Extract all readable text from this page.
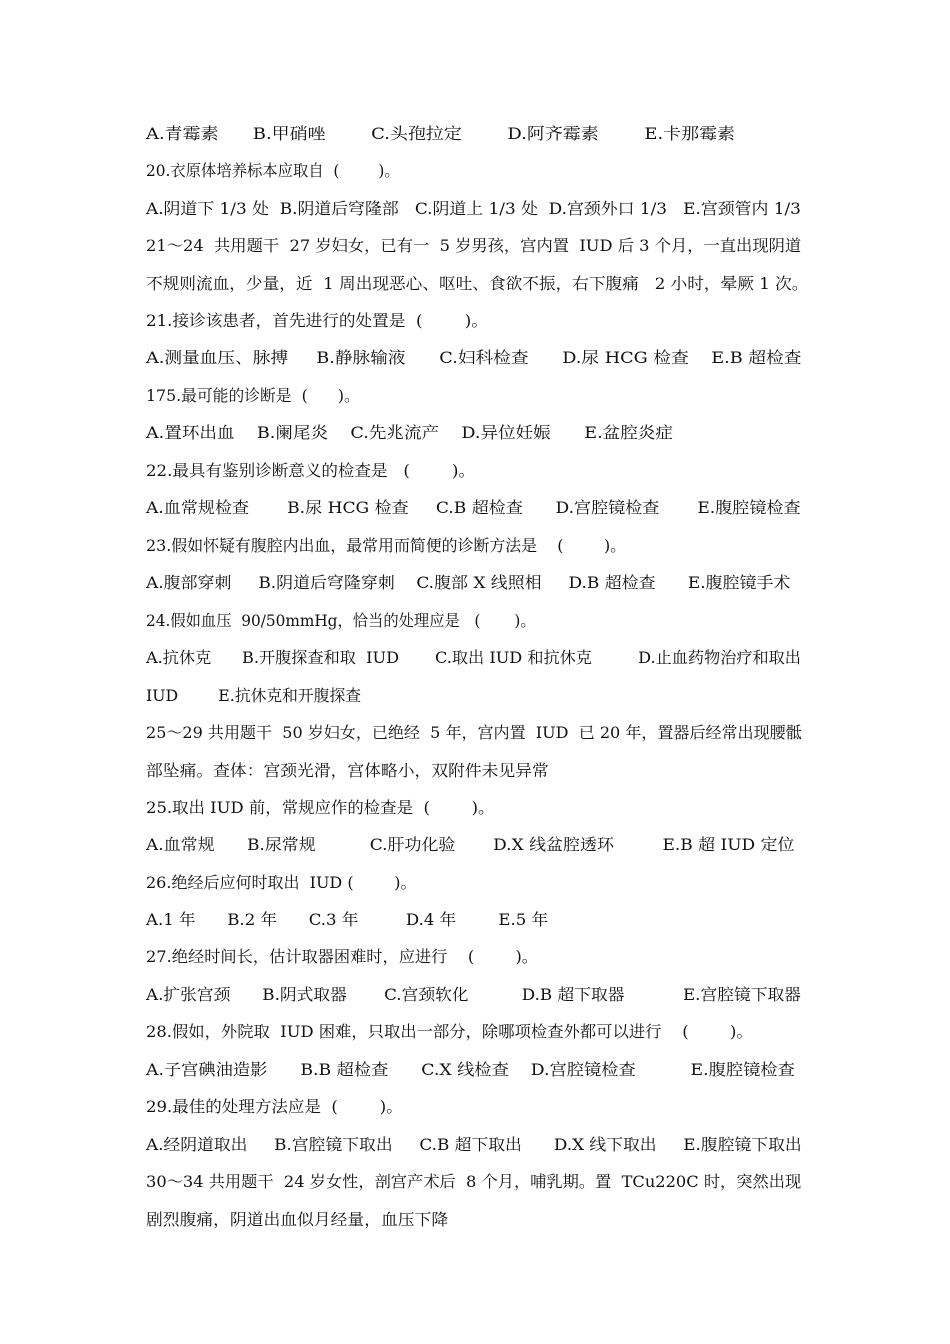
A.青霉素      B.甲硝唑        C.头孢拉定        D.阿齐霉素        E.卡那霉素
20.衣原体培养标本应取自  (        )。
A.阴道下 1/3 处  B.阴道后穹隆部   C.阴道上 1/3 处  D.宫颈外口 1/3   E.宫颈管内 1/3
21～24  共用题干  27 岁妇女，已有一  5 岁男孩，宫内置  IUD 后 3 个月，一直出现阴道
不规则流血，少量，近  1 周出现恶心、呕吐、食欲不振，右下腹痛   2 小时，晕厥 1 次。
21.接诊该患者，首先进行的处置是  (        )。
A.测量血压、脉搏     B.静脉输液      C.妇科检查      D.尿 HCG 检查    E.B 超检查
175.最可能的诊断是  (      )。
A.置环出血    B.阑尾炎    C.先兆流产    D.异位妊娠      E.盆腔炎症
22.最具有鉴别诊断意义的检查是   (        )。
A.血常规检查       B.尿 HCG 检查     C.B 超检查      D.宫腔镜检查       E.腹腔镜检查
23.假如怀疑有腹腔内出血，最常用而简便的诊断方法是    (        )。
A.腹部穿刺     B.阴道后穹隆穿刺    C.腹部 X 线照相     D.B 超检查      E.腹腔镜手术
24.假如血压  90/50mmHg，恰当的处理应是   (       )。
A.抗休克      B.开腹探查和取  IUD       C.取出 IUD 和抗休克         D.止血药物治疗和取出
IUD        E.抗休克和开腹探查
25～29 共用题干  50 岁妇女，已绝经  5 年，宫内置  IUD  已 20 年，置器后经常出现腰骶
部坠痛。查体：宫颈光滑，宫体略小，双附件未见异常
25.取出 IUD 前，常规应作的检查是  (        )。
A.血常规      B.尿常规          C.肝功化验       D.X 线盆腔透环         E.B 超 IUD 定位
26.绝经后应何时取出  IUD (        )。
A.1 年      B.2 年      C.3 年         D.4 年        E.5 年
27.绝经时间长，估计取器困难时，应进行    (        )。
A.扩张宫颈      B.阴式取器       C.宫颈软化          D.B 超下取器           E.宫腔镜下取器
28.假如，外院取  IUD 困难，只取出一部分，除哪项检查外都可以进行    (        )。
A.子宫碘油造影      B.B 超检查      C.X 线检查    D.宫腔镜检查          E.腹腔镜检查
29.最佳的处理方法应是  (        )。
A.经阴道取出     B.宫腔镜下取出     C.B 超下取出      D.X 线下取出     E.腹腔镜下取出
30～34 共用题干  24 岁女性，剖宫产术后  8 个月，哺乳期。置  TCu220C 时，突然出现
剧烈腹痛，阴道出血似月经量，血压下降
